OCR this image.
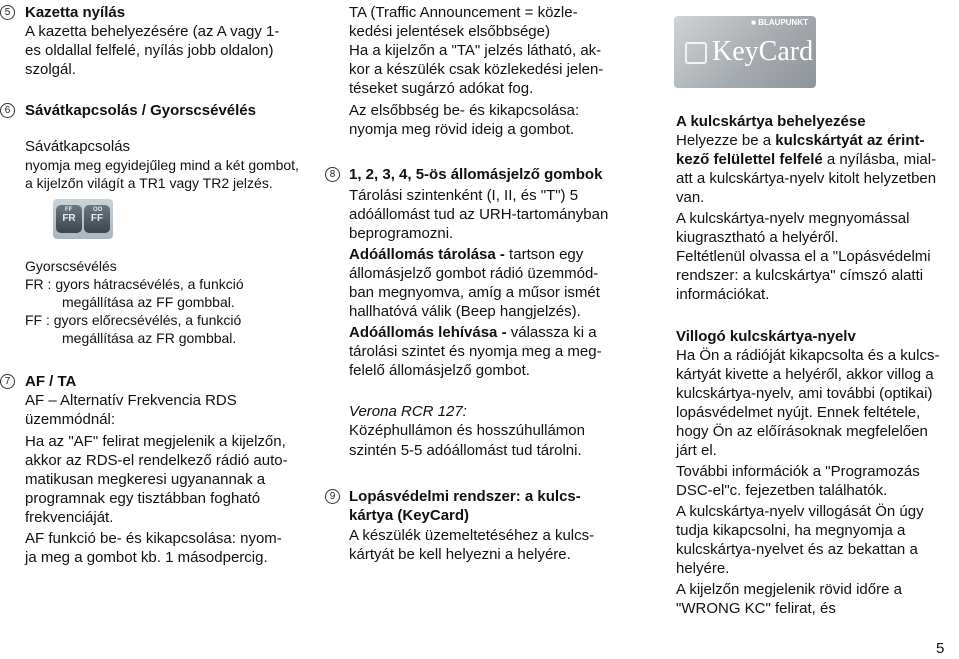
5 Kazetta nyílás
A kazetta behelyezésére (az A vagy 1-
es oldallal felfelé, nyílás jobb oldalon)
szolgál.
6 Sávátkapcsolás / Gyorscsévélés
Sávátkapcsolás
nyomja meg egyidejűleg mind a két gombot,
a kijelzőn világít a TR1 vagy TR2 jelzés.
FF
FR
OO
FF
Gyorscsévélés
FR : gyors hátracsévélés, a funkció
megállítása az FF gombbal.
FF : gyors előrecsévélés, a funkció
megállítása az FR gombbal.
7 AF / TA
AF – Alternatív Frekvencia RDS
üzemmódnál:
Ha az "AF" felirat megjelenik a kijelzőn,
akkor az RDS-el rendelkező rádió auto-
matikusan megkeresi ugyanannak a
programnak egy tisztábban fogható
frekvenciáját.
AF funkció be- és kikapcsolása: nyom-
ja meg a gombot kb. 1 másodpercig.
TA (Traffic Announcement = közle-
kedési jelentések elsőbbsége)
Ha a kijelzőn a "TA" jelzés látható, ak-
kor a készülék csak közlekedési jelen-
téseket sugárzó adókat fog.
Az elsőbbség be- és kikapcsolása:
nyomja meg rövid ideig a gombot.
8 1, 2, 3, 4, 5-ös állomásjelző gombok
Tárolási szintenként (I, II, és "T") 5
adóállomást tud az URH-tartományban
beprogramozni.
Adóállomás tárolása - tartson egy
állomásjelző gombot rádió üzemmód-
ban megnyomva, amíg a műsor ismét
hallhatóvá válik (Beep hangjelzés).
Adóállomás lehívása - válassza ki a
tárolási szintet és nyomja meg a meg-
felelő állomásjelző gombot.
Verona RCR 127:
Középhullámon és hosszúhullámon
szintén 5-5 adóállomást tud tárolni.
9 Lopásvédelmi rendszer: a kulcs-
kártya (KeyCard)
A készülék üzemeltetéséhez a kulcs-
kártyát be kell helyezni a helyére.
■ BLAUPUNKT
KeyCard
A kulcskártya behelyezése
Helyezze be a kulcskártyát az érint-
kező felülettel felfelé a nyílásba, mial-
att a kulcskártya-nyelv kitolt helyzetben
van.
A kulcskártya-nyelv megnyomással
kiugrasztható a helyéről.
Feltétlenül olvassa el a "Lopásvédelmi
rendszer: a kulcskártya" címszó alatti
információkat.
Villogó kulcskártya-nyelv
Ha Ön a rádióját kikapcsolta és a kulcs-
kártyát kivette a helyéről, akkor villog a
kulcskártya-nyelv, ami további (optikai)
lopásvédelmet nyújt. Ennek feltétele,
hogy Ön az előírásoknak megfelelően
járt el.
További információk a "Programozás
DSC-el"c. fejezetben találhatók.
A kulcskártya-nyelv villogását Ön úgy
tudja kikapcsolni, ha megnyomja a
kulcskártya-nyelvet és az bekattan a
helyére.
A kijelzőn megjelenik rövid időre a
"WRONG KC" felirat, és
5
